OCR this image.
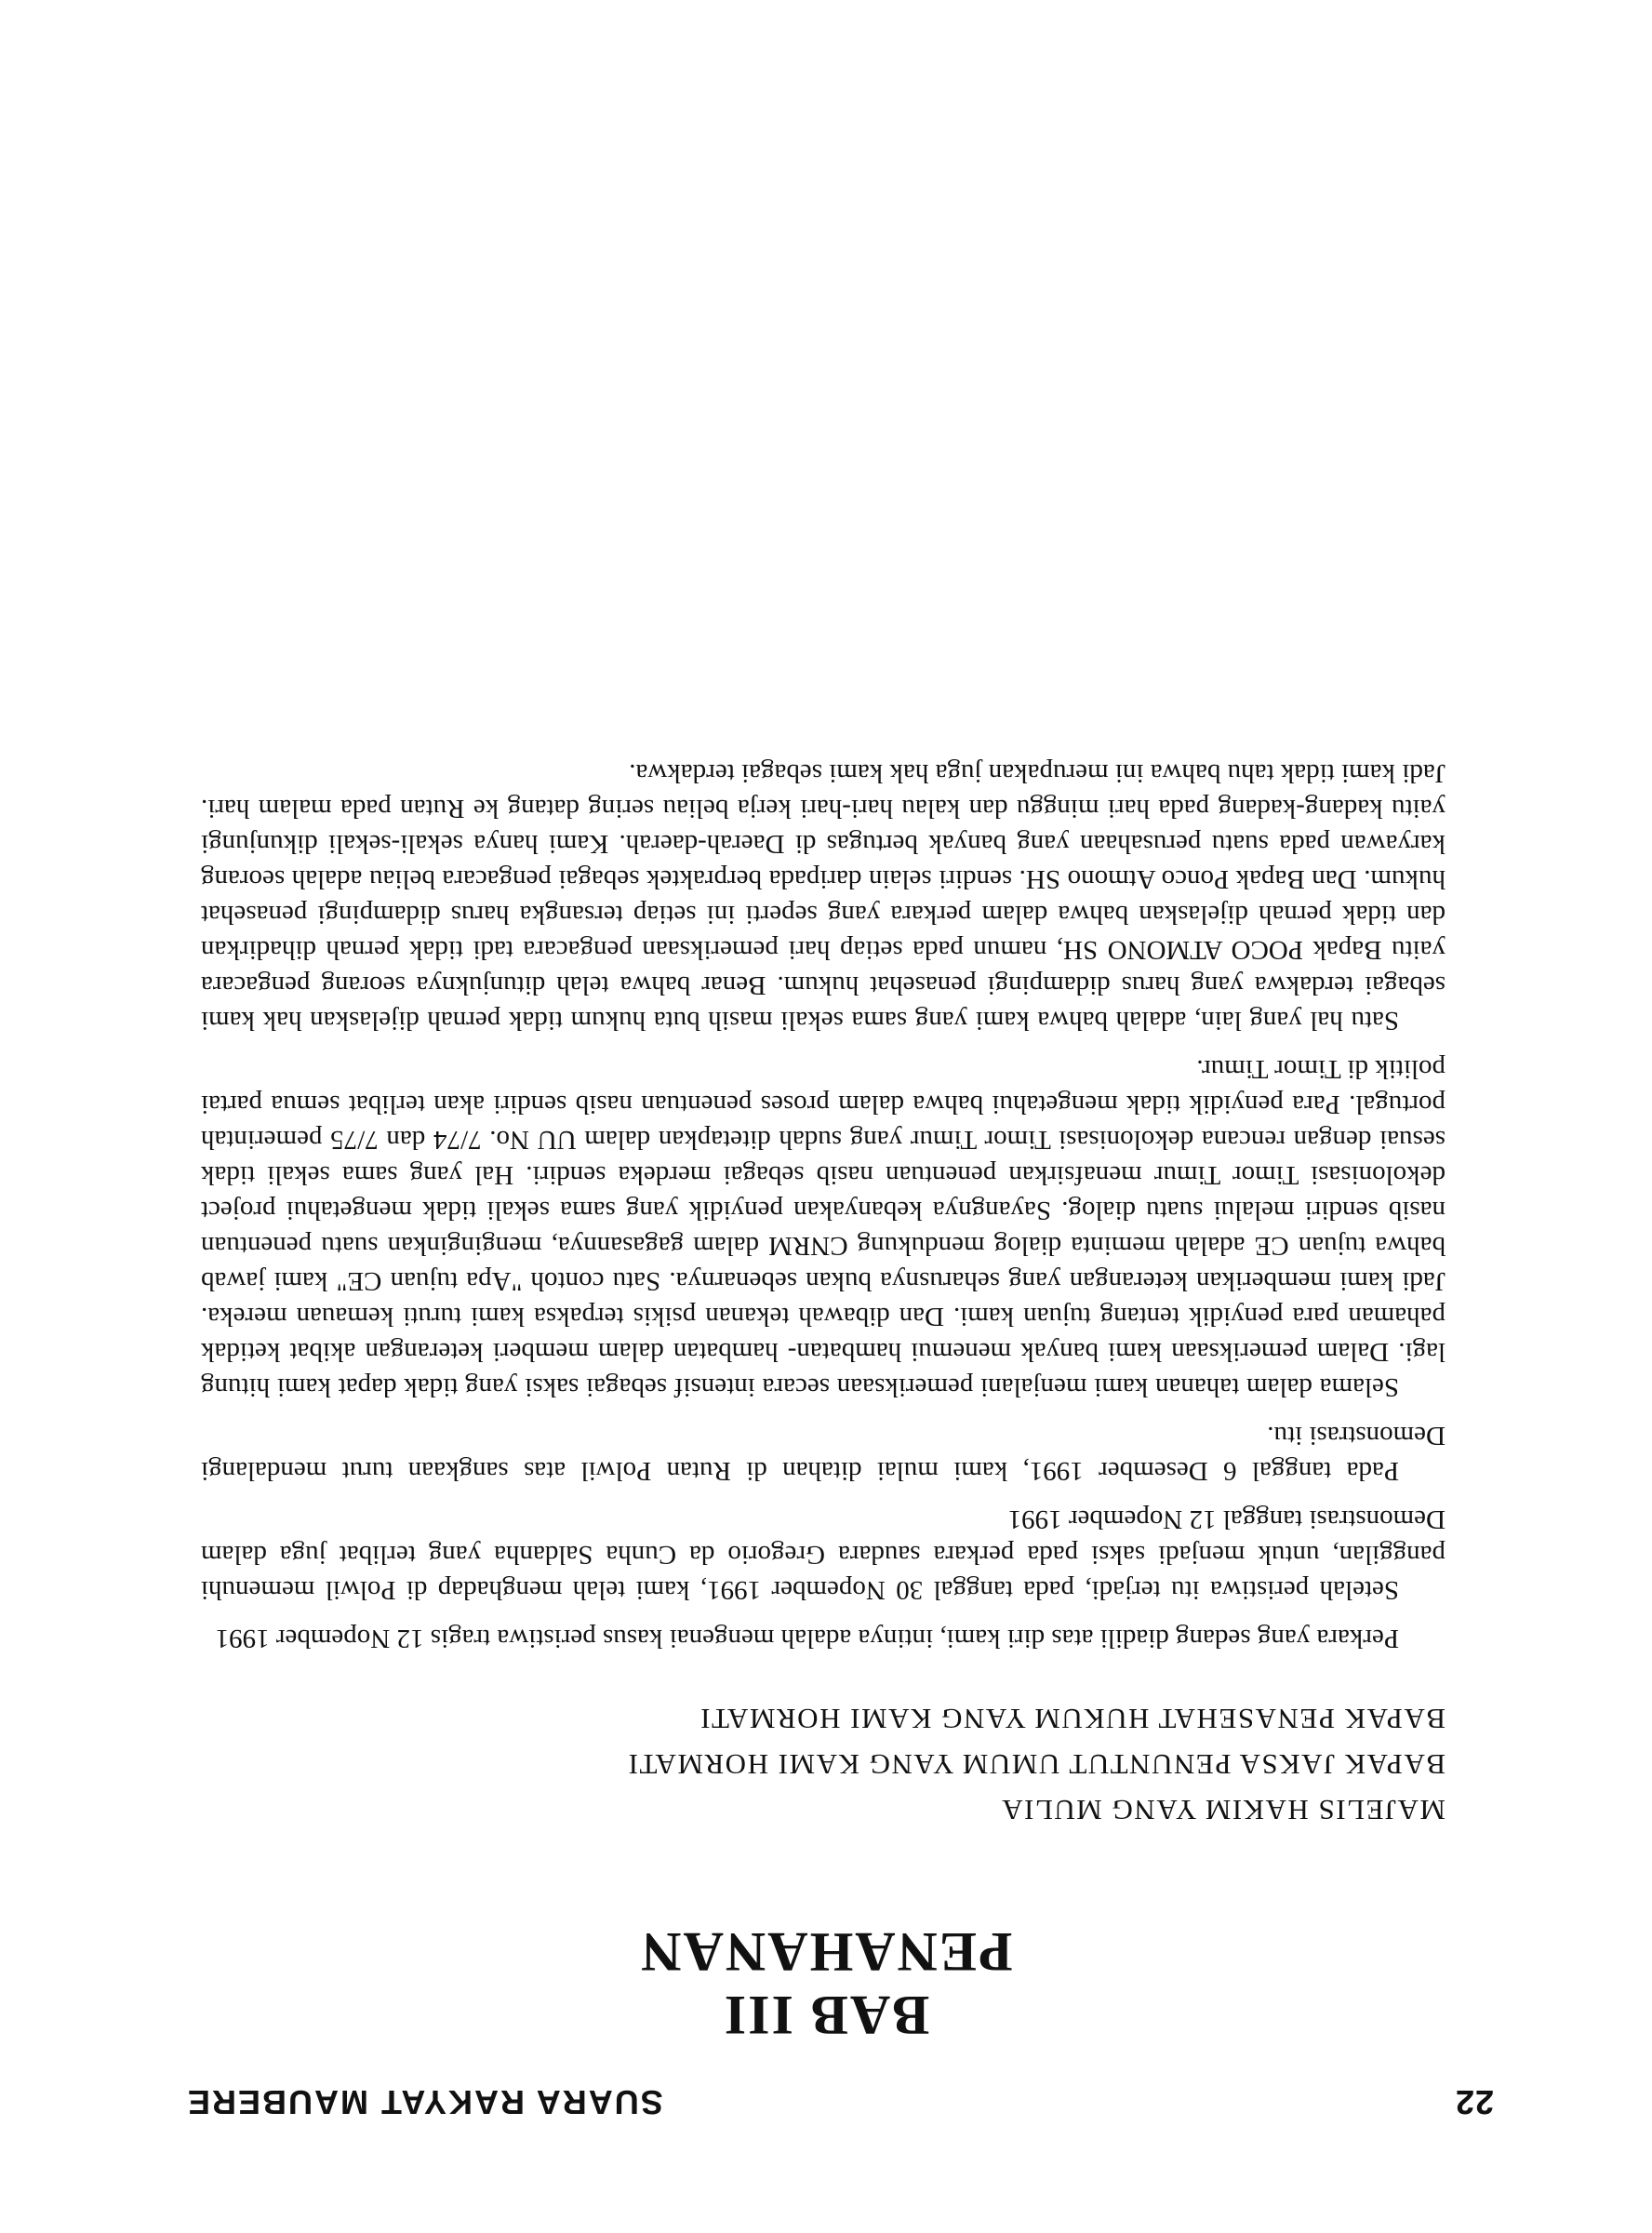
22
SUARA RAKYAT MAUBERE
BAB III
PENAHANAN
MAJELIS HAKIM YANG MULIA
BAPAK JAKSA PENUNTUT UMUM YANG KAMI HORMATI
BAPAK PENASEHAT HUKUM YANG KAMI HORMATI

Perkara yang sedang diadili atas diri kami, intinya adalah mengenai kasus peristiwa tragis 12 Nopember 1991

Setelah peristiwa itu terjadi, pada tanggal 30 Nopember 1991, kami telah menghadap di Polwil memenuhi panggilan, untuk menjadi saksi pada perkara saudara Gregorio da Cunha Saldanha yang terlibat juga dalam Demonstrasi tanggal 12 Nopember 1991

Pada tanggal 6 Desember 1991, kami mulai ditahan di Rutan Polwil atas sangkaan turut mendalangi Demonstrasi itu.

Selama dalam tahanan kami menjalani pemeriksaan secara intensif sebagai saksi yang tidak dapat kami hitung lagi. Dalam pemeriksaan kami banyak menemui hambatan- hambatan dalam memberi keterangan akibat ketidak pahaman para penyidik tentang tujuan kami. Dan dibawah tekanan psikis terpaksa kami turuti kemauan mereka. Jadi kami memberikan keterangan yang seharusnya bukan sebenarnya. Satu contoh "Apa tujuan CE" kami jawab bahwa tujuan CE adalah meminta dialog mendukung CNRM dalam gagasannya, menginginkan suatu penentuan nasib sendiri melalui suatu dialog. Sayangnya kebanyakan penyidik yang sama sekali tidak mengetahui project dekolonisasi Timor Timur menafsirkan penentuan nasib sebagai merdeka sendiri. Hal yang sama sekali tidak sesuai dengan rencana dekolonisasi Timor Timur yang sudah ditetapkan dalam UU No. 7/74 dan 7/75 pemerintah portugal. Para penyidik tidak mengetahui bahwa dalam proses penentuan nasib sendiri akan terlibat semua partai politik di Timor Timur.

Satu hal yang lain, adalah bahwa kami yang sama sekali masih buta hukum tidak pernah dijelaskan hak kami sebagai terdakwa yang harus didampingi penasehat hukum. Benar bahwa telah ditunjuknya seorang pengacara yaitu Bapak POCO ATMONO SH, namun pada setiap hari pemeriksaan pengacara tadi tidak pernah dihadirkan dan tidak pernah dijelaskan bahwa dalam perkara yang seperti ini setiap tersangka harus didampingi penasehat hukum. Dan Bapak Ponco Atmono SH. sendiri selain daripada berpraktek sebagai pengacara beliau adalah seorang karyawan pada suatu perusahaan yang banyak bertugas di Daerah-daerah. Kami hanya sekali-sekali dikunjungi yaitu kadang-kadang pada hari minggu dan kalau hari-hari kerja beliau sering datang ke Rutan pada malam hari. Jadi kami tidak tahu bahwa ini merupakan juga hak kami sebagai terdakwa.
